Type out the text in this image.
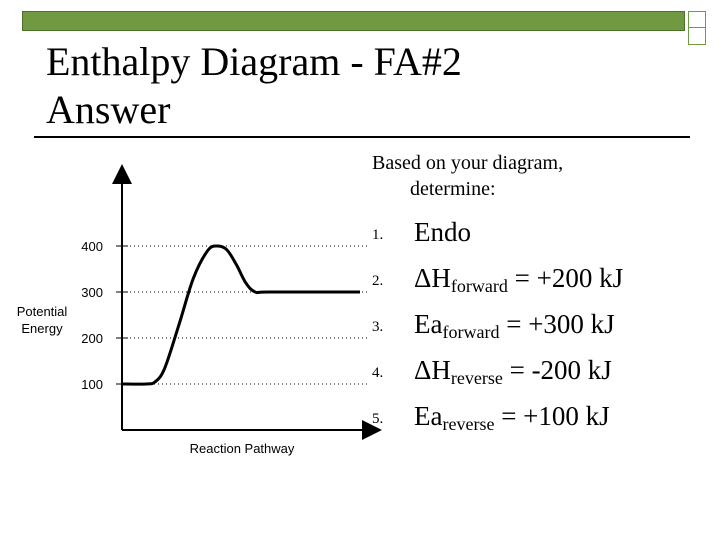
Enthalpy Diagram - FA#2
Answer
Based on your diagram,
determine:
1. Endo
2. $\Delta H_{forward} = +200$ kJ
3. $Ea_{forward} = +300$ kJ
4. $\Delta H_{reverse} = -200$ kJ
5. $Ea_{reverse} = +100$ kJ
400
300
200
100
Potential
Energy
Reaction Pathway
